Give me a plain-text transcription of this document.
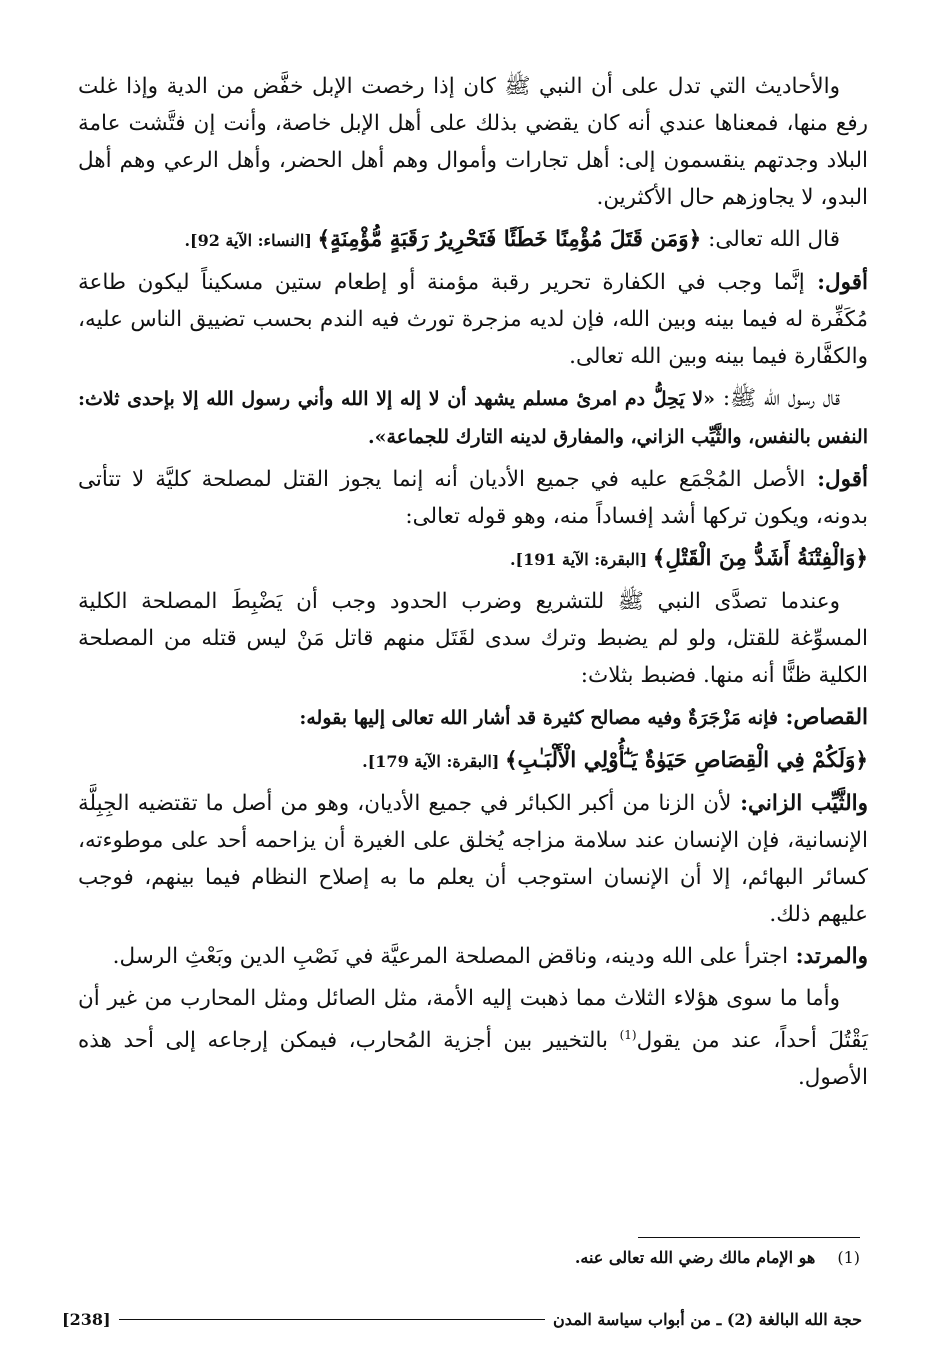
والأحاديث التي تدل على أن النبي ﷺ كان إذا رخصت الإبل خفَّض من الدية وإذا غلت رفع منها، فمعناها عندي أنه كان يقضي بذلك على أهل الإبل خاصة، وأنت إن فتَّشت عامة البلاد وجدتهم ينقسمون إلى: أهل تجارات وأموال وهم أهل الحضر، وأهل الرعي وهم أهل البدو، لا يجاوزهم حال الأكثرين.

قال الله تعالى: ﴿وَمَن قَتَلَ مُؤْمِنًا خَطَئًا فَتَحْرِيرُ رَقَبَةٍ مُّؤْمِنَةٍ﴾ [النساء: الآية 92].

أقول: إنَّما وجب في الكفارة تحرير رقبة مؤمنة أو إطعام ستين مسكيناً ليكون طاعة مُكَفِّرة له فيما بينه وبين الله، فإن لديه مزجرة تورث فيه الندم بحسب تضييق الناس عليه، والكفَّارة فيما بينه وبين الله تعالى.

قال رسول الله ﷺ: «لا يَحِلُّ دم امرئ مسلم يشهد أن لا إله إلا الله وأني رسول الله إلا بإحدى ثلاث: النفس بالنفس، والثَّيِّب الزاني، والمفارق لدينه التارك للجماعة».

أقول: الأصل المُجْمَع عليه في جميع الأديان أنه إنما يجوز القتل لمصلحة كليَّة لا تتأتى بدونه، ويكون تركها أشد إفساداً منه، وهو قوله تعالى:

﴿وَالْفِتْنَةُ أَشَدُّ مِنَ الْقَتْلِ﴾ [البقرة: الآية 191].

وعندما تصدَّى النبي ﷺ للتشريع وضرب الحدود وجب أن يَضْبِطَ المصلحة الكلية المسوِّغة للقتل، ولو لم يضبط وترك سدى لقَتَل منهم قاتل مَنْ ليس قتله من المصلحة الكلية ظنًّا أنه منها. فضبط بثلاث:

القصاص: فإنه مَزْجَرَةٌ وفيه مصالح كثيرة قد أشار الله تعالى إليها بقوله:

﴿وَلَكُمْ فِي الْقِصَاصِ حَيَوٰةٌ يَـٰٓأُوْلِي الْأَلْبَـٰبِ﴾ [البقرة: الآية 179].

والثَّيِّب الزاني: لأن الزنا من أكبر الكبائر في جميع الأديان، وهو من أصل ما تقتضيه الجِبِلَّة الإنسانية، فإن الإنسان عند سلامة مزاجه يُخلق على الغيرة أن يزاحمه أحد على موطوءته، كسائر البهائم، إلا أن الإنسان استوجب أن يعلم ما به إصلاح النظام فيما بينهم، فوجب عليهم ذلك.

والمرتد: اجترأ على الله ودينه، وناقض المصلحة المرعيَّة في نَصْبِ الدين وبَعْثِ الرسل.

وأما ما سوى هؤلاء الثلاث مما ذهبت إليه الأمة، مثل الصائل ومثل المحارب من غير أن يَقْتُلَ أحداً، عند من يقول$^{(1)}$ بالتخيير بين أجزية المُحارب، فيمكن إرجاعه إلى أحد هذه الأصول.

(1)هو الإمام مالك رضي الله تعالى عنه.
حجة الله البالغة (2) ـ من أبواب سياسة المدن
[238]
